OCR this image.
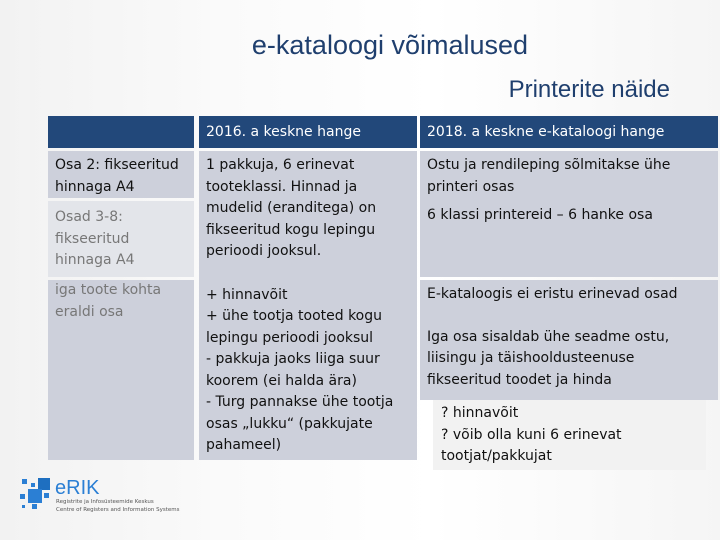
e-kataloogi võimalused
Printerite näide
2016. a keskne hange	2018. a keskne e-kataloogi hange
Osa 2: fikseeritud hinnaga A4
Osad 3-8: fikseeritud hinnaga A4
iga toote kohta eraldi osa

1 pakkuja, 6 erinevat tooteklassi. Hinnad ja mudelid (eranditega) on fikseeritud kogu lepingu perioodi jooksul.

+ hinnavõit

+ ühe tootja tooted kogu lepingu perioodi jooksul

- pakkuja jaoks liiga suur koorem (ei halda ära)

- Turg pannakse ühe tootja osas „lukku“ (pakkujate pahameel)

Ostu ja rendileping sõlmitakse ühe printeri osas

6 klassi printereid – 6 hanke osa

E-kataloogis ei eristu erinevad osad

Iga osa sisaldab ühe seadme ostu, liisingu ja täishooldusteenuse fikseeritud toodet ja hinda

? hinnavõit

? võib olla kuni 6 erinevat tootjat/pakkujat

eRIK
Registrite ja Infosüsteemide Keskus
Centre of Registers and Information Systems
